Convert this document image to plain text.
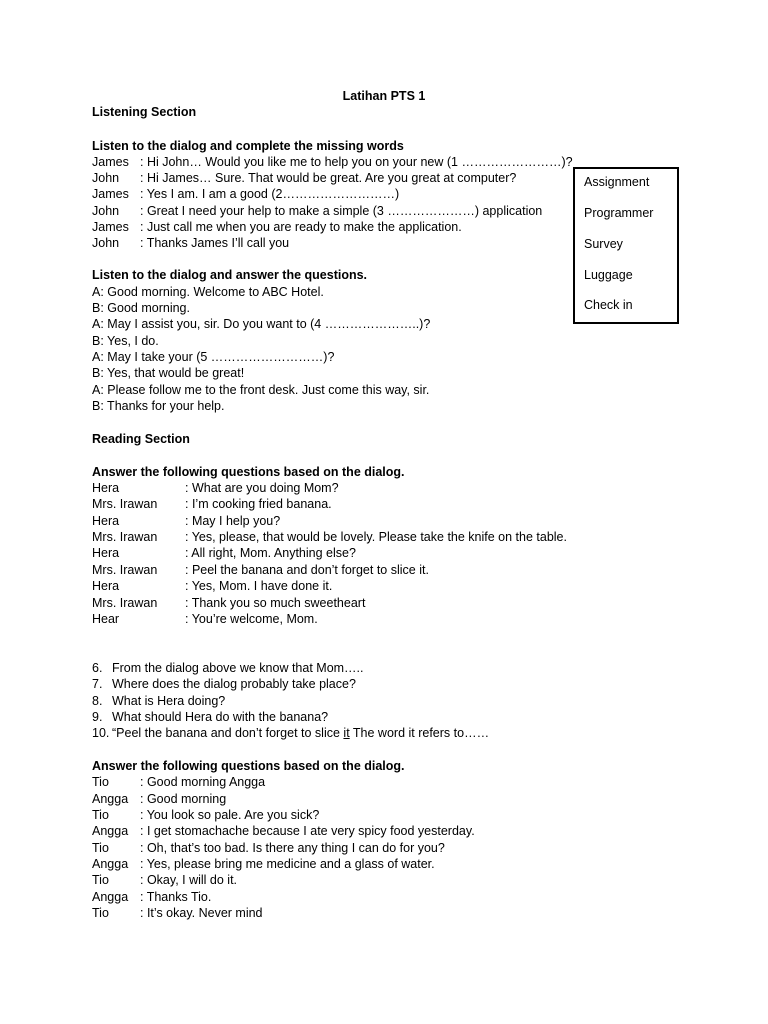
Latihan PTS 1
Listening Section
Listen to the dialog and complete the missing words
James : Hi John… Would you like me to help you on your new (1 ……………………)?
John : Hi James… Sure. That would be great. Are you great at computer?
James : Yes I am. I am a good (2………………………)
John : Great I need your help to make a simple (3 …………………) application
James : Just call me when you are ready to make the application.
John : Thanks James I’ll call you
Assignment
Programmer
Survey
Luggage
Check in
Listen to the dialog and answer the questions.
A: Good morning. Welcome to ABC Hotel.
B: Good morning.
A: May I assist you, sir. Do you want to (4 …………………..)?
B: Yes, I do.
A: May I take your (5 ………………………)?
B: Yes, that would be great!
A: Please follow me to the front desk. Just come this way, sir.
B: Thanks for your help.
Reading Section
Answer the following questions based on the dialog.
Hera	: What are you doing Mom?
Mrs. Irawan : I’m cooking fried banana.
Hera	: May I help you?
Mrs. Irawan : Yes, please, that would be lovely. Please take the knife on the table.
Hera	: All right, Mom. Anything else?
Mrs. Irawan : Peel the banana and don’t forget to slice it.
Hera	: Yes, Mom. I have done it.
Mrs. Irawan : Thank you so much sweetheart
Hear	: You’re welcome, Mom.
6. From the dialog above we know that Mom…..
7. Where does the dialog probably take place?
8. What is Hera doing?
9. What should Hera do with the banana?
10. “Peel the banana and don’t forget to slice it The word it refers to……
Answer the following questions based on the dialog.
Tio : Good morning Angga
Angga : Good morning
Tio : You look so pale. Are you sick?
Angga : I get stomachache because I ate very spicy food yesterday.
Tio : Oh, that’s too bad. Is there any thing I can do for you?
Angga : Yes, please bring me medicine and a glass of water.
Tio : Okay, I will do it.
Angga : Thanks Tio.
Tio : It’s okay. Never mind
